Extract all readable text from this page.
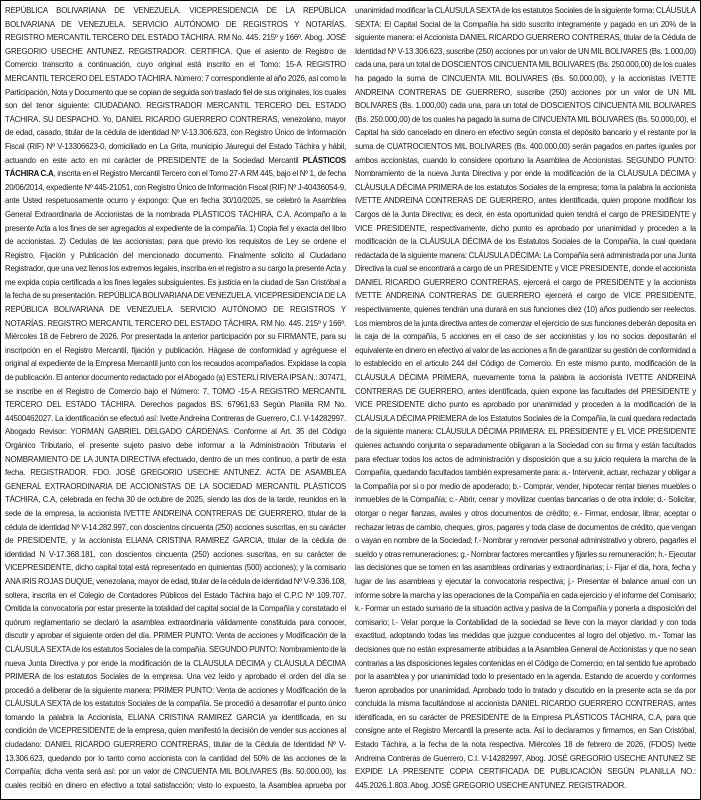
REPÚBLICA BOLIVARIANA DE VENEZUELA. VICEPRESIDENCIA DE LA REPÚBLICA BOLIVARIANA DE VENEZUELA. SERVICIO AUTÓNOMO DE REGISTROS Y NOTARÍAS. REGISTRO MERCANTIL TERCERO DEL ESTADO TÁCHIRA. RM No. 445. 215º y 166º. Abog. JOSÉ GREGORIO USECHE ANTUNEZ. REGISTRADOR. CERTIFICA. Que el asiento de Registro de Comercio transcrito a continuación, cuyo original está inscrito en el Tomo: 15-A REGISTRO MERCANTIL TERCERO DEL ESTADO TÁCHIRA. Número: 7 correspondiente al año 2026, así como la Participación, Nota y Documento que se copian de seguida son traslado fiel de sus originales, los cuales son del tenor siguiente: CIUDADANO. REGISTRADOR MERCANTIL TERCERO DEL ESTADO TÁCHIRA. SU DESPACHO. Yo, DANIEL RICARDO GUERRERO CONTRERAS, venezolano, mayor de edad, casado, titular de la cédula de identidad Nº V-13.306.623, con Registro Único de Información Fiscal (RIF) Nº V-13306623-0, domiciliado en La Grita, municipio Jáuregui del Estado Táchira y hábil, actuando en este acto en mi carácter de PRESIDENTE de la Sociedad Mercantil PLÁSTICOS TÁCHIRA C.A, inscrita en el Registro Mercantil Tercero con el Tomo 27-A RM 445, bajo el Nº 1, de fecha 20/06/2014, expediente Nº 445-21051, con Registro Único de Información Fiscal (RIF) Nº J-40436054-9, ante Usted respetuosamente ocurro y expongo: Que en fecha 30/10/2025, se celebró la Asamblea General Extraordinaria de Accionistas de la nombrada PLÁSTICOS TÁCHIRA, C.A. Acompaño a la presente Acta a los fines de ser agregados al expediente de la compañía. 1) Copia fiel y exacta del libro de accionistas. 2) Cedulas de las accionistas; para que previo los requisitos de Ley se ordene el Registro, Fijación y Publicación del mencionado documento. Finalmente solicito al Ciudadano Registrador, que una vez llenos los extremos legales, inscriba en el registro a su cargo la presente Acta y me expida copia certificada a los fines legales subsiguientes. Es justicia en la ciudad de San Cristóbal a la fecha de su presentación. REPÚBLICA BOLIVARIANA DE VENEZUELA. VICEPRESIDENCIA DE LA REPÚBLICA BOLIVARIANA DE VENEZUELA. SERVICIO AUTÓNOMO DE REGISTROS Y NOTARÍAS. REGISTRO MERCANTIL TERCERO DEL ESTADO TÁCHIRA. RM No. 445. 215º y 166º. Miércoles 18 de Febrero de 2026. Por presentada la anterior participación por su FIRMANTE, para su inscripción en el Registro Mercantil, fijación y publicación. Hágase de conformidad y agréguese el original al expediente de la Empresa Mercantil junto con los recaudos acompañados. Expidase la copia de publicación. El anterior documento redactado por el Abogado (a) ESTERLI RIVERA IPSA N.: 307471, se inscribe en el Registro de Comercio bajo el Número: 7, TOMO -15-A REGISTRO MERCANTIL TERCERO DEL ESTADO TÁCHIRA. Derechos pagados BS. 67961,63 Según Planilla RM No. 44500462027. La identificación se efectuó así: Ivette Andreina Contreras de Guerrero, C.I. V-14282997. Abogado Revisor: YORMAN GABRIEL DELGADO CÁRDENAS. Conforme al Art. 35 del Código Orgánico Tributario, el presente sujeto pasivo debe informar a la Administración Tributaria el NOMBRAMIENTO DE LA JUNTA DIRECTIVA efectuado, dentro de un mes continuo, a partir de esta fecha. REGISTRADOR. FDO. JOSÉ GREGORIO USECHE ANTUNEZ. ACTA DE ASAMBLEA GENERAL EXTRAORDINARIA DE ACCIONISTAS DE LA SOCIEDAD MERCANTIL PLÁSTICOS TÁCHIRA, C.A, celebrada en fecha 30 de octubre de 2025, siendo las dos de la tarde, reunidos en la sede de la empresa, la accionista IVETTE ANDREINA CONTRERAS DE GUERRERO, titular de la cédula de identidad Nº V-14.282.997, con doscientos cincuenta (250) acciones suscritas, en su carácter de PRESIDENTE, y la accionista ELIANA CRISTINA RAMIREZ GARCIA, titular de la cédula de identidad N V-17.368.181, con doscientos cincuenta (250) acciones suscritas, en su carácter de VICEPRESIDENTE, dicho capital total está representado en quinientas (500) acciones); y la comisario ANA IRIS ROJAS DUQUE, venezolana, mayor de edad, titular de la cédula de identidad Nº V-9.336.108, soltera, inscrita en el Colegio de Contadores Públicos del Estado Táchira bajo el C.P.C Nº 109.707. Omitida la convocatoria por estar presente la totalidad del capital social de la Compañía y constatado el quórum reglamentario se declaró la asamblea extraordinaria válidamente constituida para conocer, discutir y aprobar el siguiente orden del día. PRIMER PUNTO: Venta de acciones y Modificación de la CLÁUSULA SEXTA de los estatutos Sociales de la compañía. SEGUNDO PUNTO: Nombramiento de la nueva Junta Directiva y por ende la modificación de la CLÁUSULA DÉCIMA y CLÁUSULA DÉCIMA PRIMERA de los estatutos Sociales de la empresa. Una vez leido y aprobado el orden del día se procedió a deliberar de la siguiente manera: PRIMER PUNTO: Venta de acciones y Modificación de la CLÁUSULA SEXTA de los estatutos Sociales de la compañía. Se procedió a desarrollar el punto único tomando la palabra la Accionista, ELIANA CRISTINA RAMIREZ GARCIA ya identificada, en su condición de VICEPRESIDENTE de la empresa, quien manifestó la decisión de vender sus acciones al ciudadano: DANIEL RICARDO GUERRERO CONTRERAS, titular de la Cédula de Identidad Nº V-13.306.623, quedando por lo tanto como accionista con la cantidad del 50% de las acciones de la Compañía; dicha venta será así: por un valor de CINCUENTA MIL BOLIVARES (Bs. 50.000,00), los cuales recibió en dinero en efectivo a total satisfacción; visto lo expuesto, la Asamblea aprueba por unanimidad modificar la CLÁUSULA SEXTA de los estatutos Sociales de la siguiente forma: CLÁUSULA SEXTA: El Capital Social de la Compañía ha sido suscrito integramente y pagado en un 20% de la siguiente manera: el Accionista DANIEL RICARDO GUERRERO CONTRERAS, titular de la Cédula de Identidad Nº V-13.306.623, suscribe (250) acciones por un valor de UN MIL BOLIVARES (Bs. 1.000,00) cada una, para un total de DOSCIENTOS CINCUENTA MIL BOLIVARES (Bs. 250.000,00) de los cuales ha pagado la suma de CINCUENTA MIL BOLIVARES (Bs. 50.000,00), y la accionistas IVETTE ANDREINA CONTRERAS DE GUERRERO, suscribe (250) acciones por un valor de UN MIL BOLIVARES (Bs. 1.000,00) cada una, para un total de DOSCIENTOS CINCUENTA MIL BOLIVARES (Bs. 250.000,00) de los cuales ha pagado la suma de CINCUENTA MIL BOLIVARES (Bs. 50.000,00), el Capital ha sido cancelado en dinero en efectivo según consta el depósito bancario y el restante por la suma de CUATROCIENTOS MIL BOLIVARES (Bs. 400.000,00) serán pagados en partes iguales por ambos accionistas, cuando lo considere oportuno la Asamblea de Accionistas. SEGUNDO PUNTO: Nombramiento de la nueva Junta Directiva y por ende la modificación de la CLÁUSULA DÉCIMA y CLÁUSULA DÉCIMA PRIMERA de los estatutos Sociales de la empresa; toma la palabra la accionista IVETTE ANDREINA CONTRERAS DE GUERRERO, antes identificada, quien propone modificar los Cargos de la Junta Directiva; es decir, en esta oportunidad quien tendrá el cargo de PRESIDENTE y VICE PRESIDENTE, respectivamente, dicho punto es aprobado por unanimidad y proceden a la modificación de la CLÁUSULA DÉCIMA de los Estatutos Sociales de la Compañía, la cual quedara redactada de la siguiente manera: CLÁUSULA DÉCIMA: La Compañía será administrada por una Junta Directiva la cual se encontrará a cargo de un PRESIDENTE y VICE PRESIDENTE, donde el accionista DANIEL RICARDO GUERRERO CONTRERAS, ejercerá el cargo de PRESIDENTE y la accionista IVETTE ANDREINA CONTRERAS DE GUERRERO ejercerá el cargo de VICE PRESIDENTE, respectivamente, quienes tendrán una durará en sus funciones diez (10) años pudiendo ser reelectos. Los miembros de la junta directiva antes de comenzar el ejercicio de sus funciones deberán deposita en la caja de la compañía, 5 acciones en el caso de ser accionistas y los no socios depositarán el equivalente en dinero en efectivo al valor de las acciones a fin de garantizar su gestión de conformidad a lo establecido en el articulo 244 del Código de Comercio. En este mismo punto, modificación de la CLÁUSULA DÉCIMA PRIMERA, nuevamente toma la palabra la accionista IVETTE ANDREINA CONTRERAS DE GUERRERO, antes identificada, quien expone las facultades del PRESIDENTE y VICE PRESIDENTE dicho punto es aprobado por unanimidad y proceden a la modificación de la CLÁUSULA DÉCIMA PRIEMERA de los Estatutos Sociales de la Compañía, la cual quedara redactada de la siguiente manera: CLÁUSULA DÉCIMA PRIMERA: EL PRESIDENTE y EL VICE PRESIDENTE quienes actuando conjunta o separadamente obligaran a la Sociedad con su firma y están facultados para efectuar todos los actos de administración y disposición que a su juicio requiera la marcha de la Compañía, quedando facultados también expresamente para: a.- Intervenir, actuar, rechazar y obligar a la Compañía por si o por medio de apoderado; b.- Comprar, vender, hipotecar rentar bienes muebles o inmuebles de la Compañía; c.- Abrir, cerrar y movilizar cuentas bancarias o de otra indole; d.- Solicitar, otorgar o negar fianzas, avales y otros documentos de crédito; e.- Firmar, endosar, librar, aceptar o rechazar letras de cambio, cheques, giros, pagares y toda clase de documentos de crédito, que vengan o vayan en nombre de la Sociedad; f.- Nombrar y remover personal administrativo y obrero, pagarles el sueldo y otras remuneraciones; g.- Nombrar factores mercantiles y fijarles su remuneración; h.- Ejecutar las decisiones que se tomen en las asambleas ordinarias y extraordinarias; i.- Fijar el dia, hora, fecha y lugar de las asambleas y ejecutar la convocatoria respectiva; j.- Presentar el balance anual con un informe sobre la marcha y las operaciones de la Compañía en cada ejercicio y el informe del Comisario; k.- Formar un estado sumario de la situación activa y pasiva de la Compañía y ponerla a disposición del comisario; l.- Velar porque la Contabilidad de la sociedad se lleve con la mayor claridad y con toda exactitud, adoptando todas las medidas que juzgue conducentes al logro del objetivo. m.- Tomar las decisiones que no están expresamente atribuidas a la Asamblea General de Accionistas y que no sean contrarias a las disposiciones legales contenidas en el Código de Comercio; en tal sentido fue aprobado por la asamblea y por unanimidad todo lo presentado en la agenda. Estando de acuerdo y conformes fueron aprobados por unanimidad. Aprobado todo lo tratado y discutido en la presente acta se da por concluida la misma facultándose al accionista DANIEL RICARDO GUERRERO CONTRERAS, antes identificada, en su carácter de PRESIDENTE de la Empresa PLÁSTICOS TÁCHIRA, C.A, para que consigne ante el Registro Mercantil la presente acta. Así lo declaramos y firmamos, en San Cristóbal, Estado Táchira, a la fecha de la nota respectiva. Miércoles 18 de febrero de 2026, (FDOS) Ivette Andreina Contreras de Guerrero, C.I. V-14282997, Abog. JOSÉ GREGORIO USECHE ANTUNEZ SE EXPIDE LA PRESENTE COPIA CERTIFICADA DE PUBLICACIÓN SEGÚN PLANILLA NO.: 445.2026.1.803. Abog. JOSÉ GREGORIO USECHE ANTUNEZ. REGISTRADOR.
